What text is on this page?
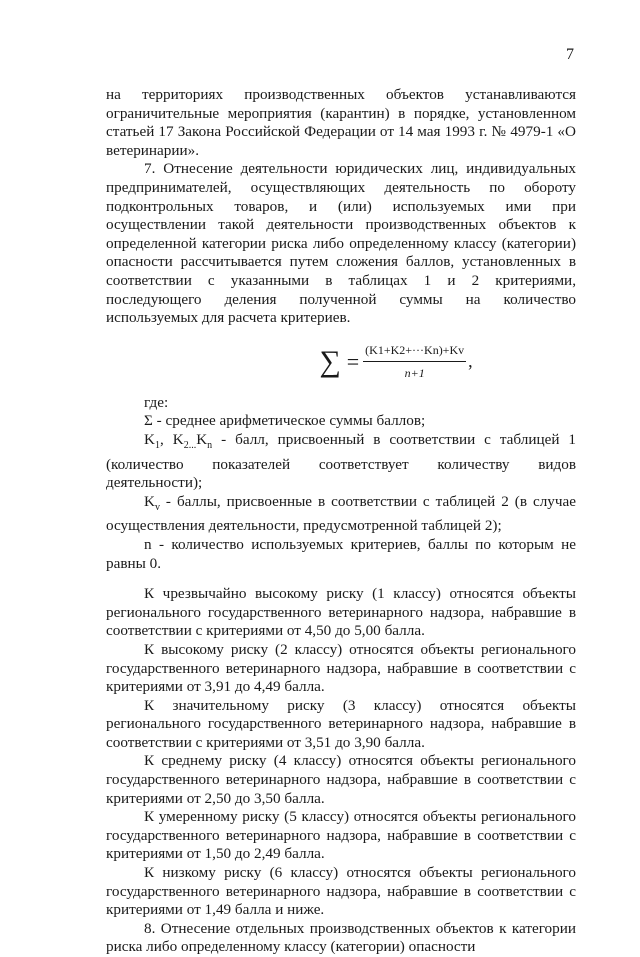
7

на территориях производственных объектов устанавливаются ограничительные мероприятия (карантин) в порядке, установленном статьей 17 Закона Российской Федерации от 14 мая 1993 г. № 4979-1 «О ветеринарии».

7. Отнесение деятельности юридических лиц, индивидуальных предпринимателей, осуществляющих деятельность по обороту подконтрольных товаров, и (или) используемых ими при осуществлении такой деятельности производственных объектов к определенной категории риска либо определенному классу (категории) опасности рассчитывается путем сложения баллов, установленных в соответствии с указанными в таблицах 1 и 2 критериями, последующего деления полученной суммы на количество используемых для расчета критериев.

∑ = $\frac{(K1+K2+\cdot\cdot\cdot Kn)+Kv}{n+1}$ ,

где:

Σ - среднее арифметическое суммы баллов;

$K_1$, $K_{2...}K_n$ - балл, присвоенный в соответствии с таблицей 1 (количество показателей соответствует количеству видов деятельности);

$K_v$ - баллы, присвоенные в соответствии с таблицей 2 (в случае осуществления деятельности, предусмотренной таблицей 2);

n - количество используемых критериев, баллы по которым не равны 0.

К чрезвычайно высокому риску (1 классу) относятся объекты регионального государственного ветеринарного надзора, набравшие в соответствии с критериями от 4,50 до 5,00 балла.

К высокому риску (2 классу) относятся объекты регионального государственного ветеринарного надзора, набравшие в соответствии с критериями от 3,91 до 4,49 балла.

К значительному риску (3 классу) относятся объекты регионального государственного ветеринарного надзора, набравшие в соответствии с критериями от 3,51 до 3,90 балла.

К среднему риску (4 классу) относятся объекты регионального государственного ветеринарного надзора, набравшие в соответствии с критериями от 2,50 до 3,50 балла.

К умеренному риску (5 классу) относятся объекты регионального государственного ветеринарного надзора, набравшие в соответствии с критериями от 1,50 до 2,49 балла.

К низкому риску (6 классу) относятся объекты регионального государственного ветеринарного надзора, набравшие в соответствии с критериями от 1,49 балла и ниже.

8. Отнесение отдельных производственных объектов к категории риска либо определенному классу (категории) опасности
